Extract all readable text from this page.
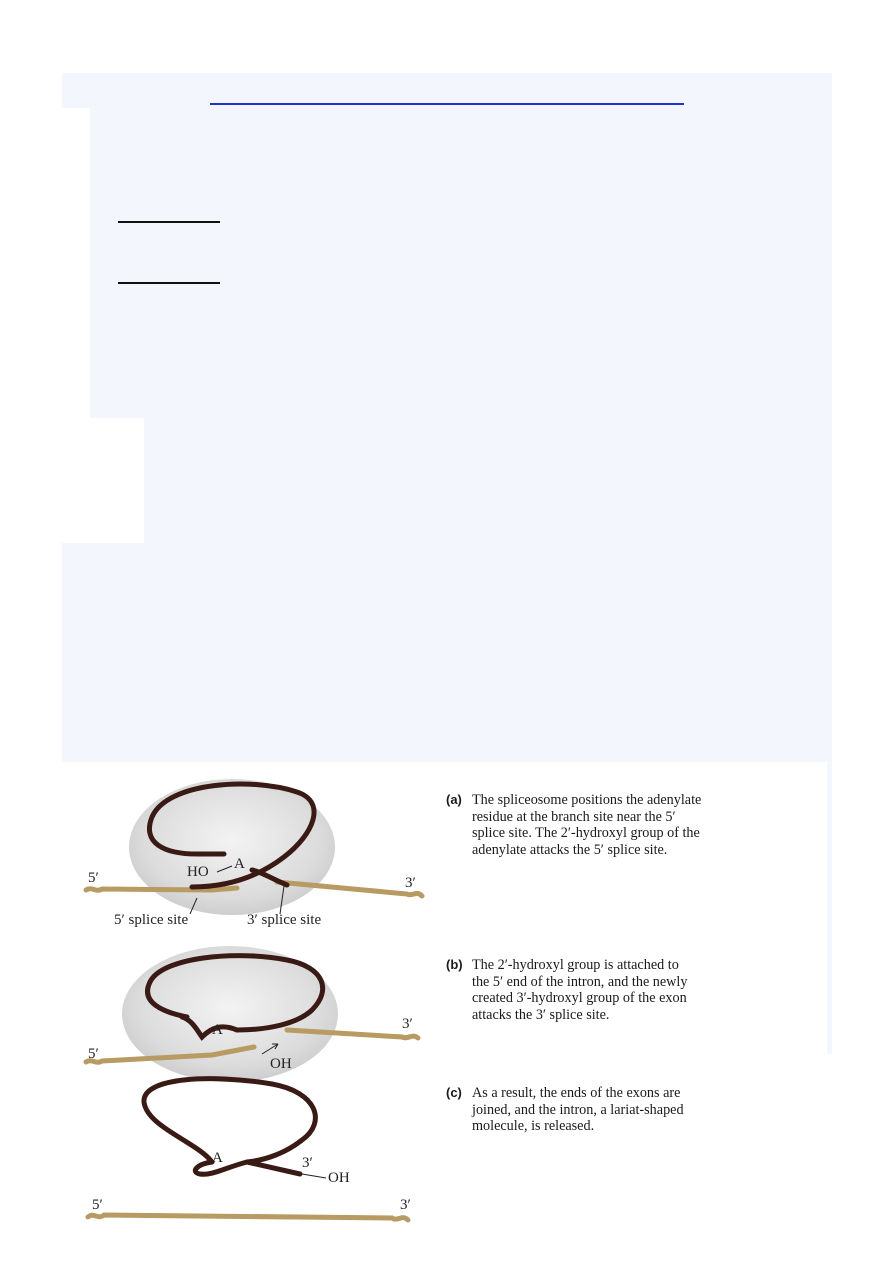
5′	3′
HO A
5′ splice site	3′ splice site
5′
3′
A
OH
A	3′
OH
5′	3′
(a) The spliceosome positions the adenylate
residue at the branch site near the 5′
splice site. The 2′-hydroxyl group of the
adenylate attacks the 5′ splice site.
(b) The 2′-hydroxyl group is attached to
the 5′ end of the intron, and the newly
created 3′-hydroxyl group of the exon
attacks the 3′ splice site.
(c) As a result, the ends of the exons are
joined, and the intron, a lariat-shaped
molecule, is released.
